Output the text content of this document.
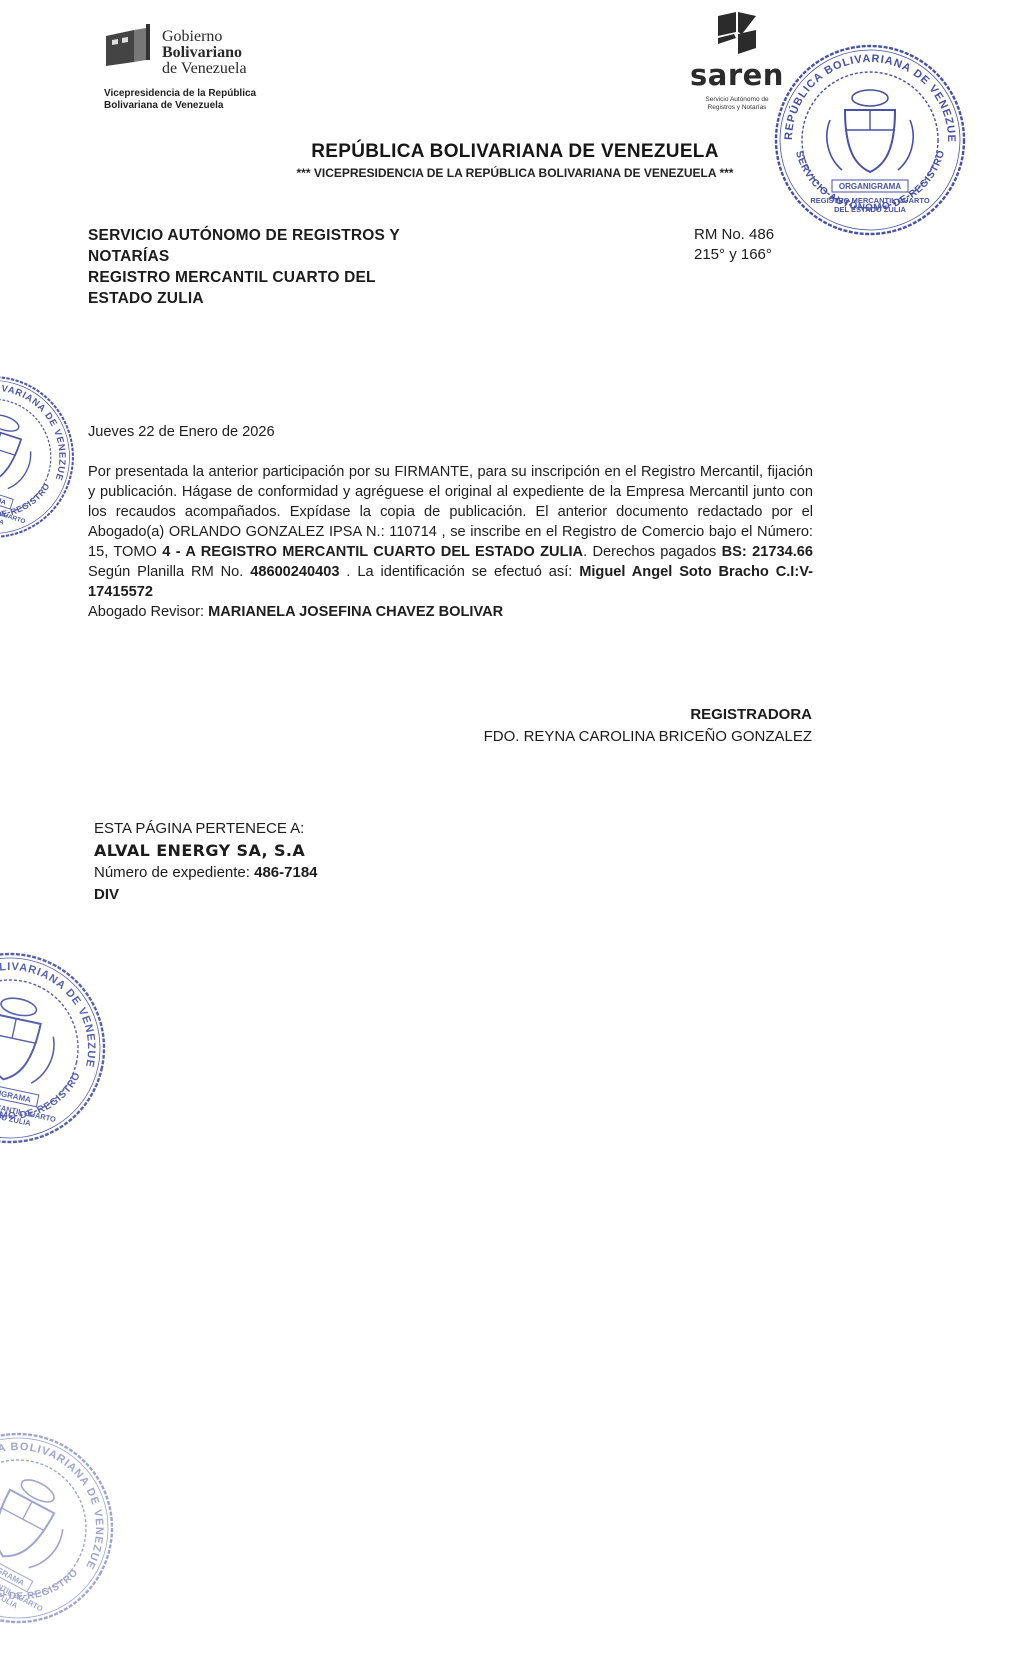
Gobierno
Bolivariano
de Venezuela
Vicepresidencia de la República
Bolivariana de Venezuela
saren
Servicio Autónomo de
Registros y Notarías
REPÚBLICA BOLIVARIANA DE VENEZUELA
*** VICEPRESIDENCIA DE LA REPÚBLICA BOLIVARIANA DE VENEZUELA ***
SERVICIO AUTÓNOMO DE REGISTROS Y
NOTARÍAS
REGISTRO MERCANTIL CUARTO DEL
ESTADO ZULIA
RM No. 486
215° y 166°
Jueves 22 de Enero de 2026
Por presentada la anterior participación por su FIRMANTE, para su inscripción en el Registro Mercantil, fijación y publicación. Hágase de conformidad y agréguese el original al expediente de la Empresa Mercantil junto con los recaudos acompañados. Expídase la copia de publicación. El anterior documento redactado por el Abogado(a) ORLANDO GONZALEZ IPSA N.: 110714 , se inscribe en el Registro de Comercio bajo el Número: 15, TOMO 4 - A REGISTRO MERCANTIL CUARTO DEL ESTADO ZULIA. Derechos pagados BS: 21734.66 Según Planilla RM No. 48600240403 . La identificación se efectuó así: Miguel Angel Soto Bracho C.I:V-17415572
Abogado Revisor: MARIANELA JOSEFINA CHAVEZ BOLIVAR
REGISTRADORA
FDO. REYNA CAROLINA BRICEÑO GONZALEZ
ESTA PÁGINA PERTENECE A:
ALVAL ENERGY SA, S.A
Número de expediente: 486-7184
DIV
